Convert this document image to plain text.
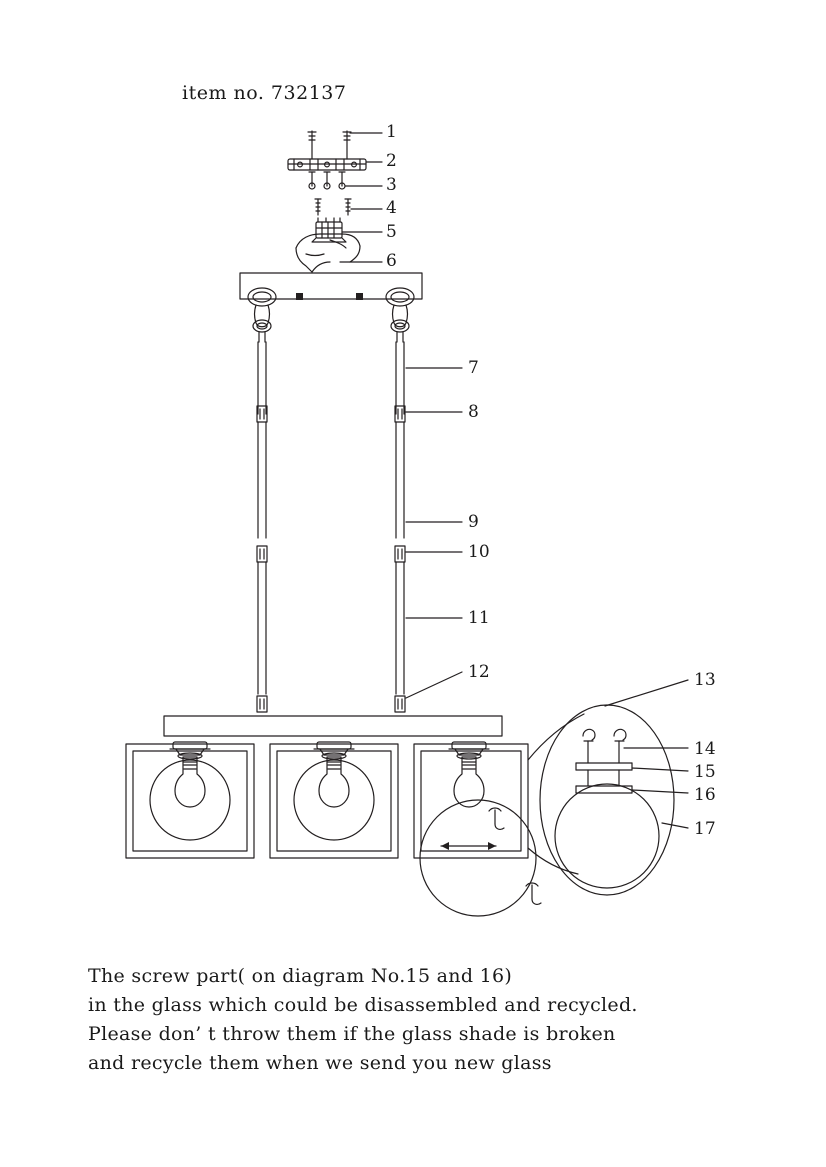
item no. 732137
1
2
3
4
5
6
7
8
9
10
11
12	13
14
15
16
17
The screw part( on diagram No.15 and 16)
in the glass which could be disassembled and recycled.
Please don’ t throw them if the glass shade is broken
and recycle them when we send you new glass
